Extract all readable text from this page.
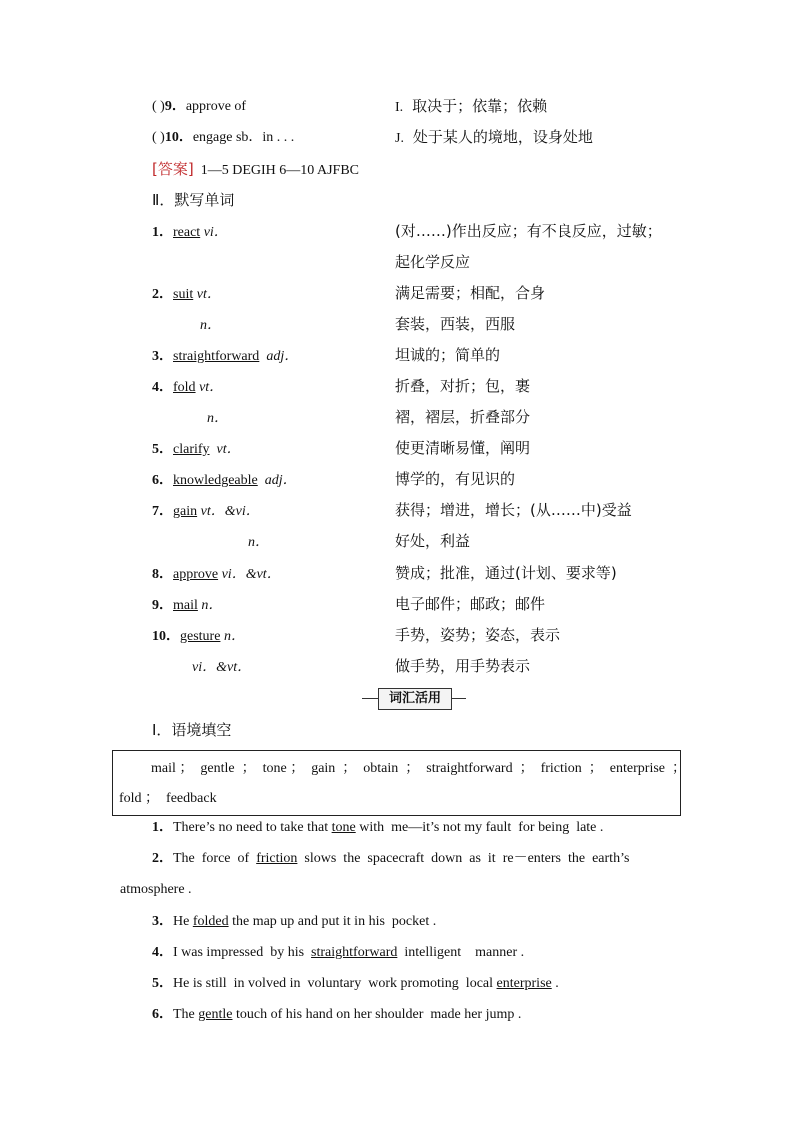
( )9．approve of	I. 取决于；依靠；依赖
( )10．engage sb．in . . .	J. 处于某人的境地，设身处地
[答案] 1—5 DEGIH 6—10 AJFBC
Ⅱ．默写单词
1．react vi．	(对……)作出反应；有不良反应，过敏；
起化学反应
2．suit vt．	满足需要；相配，合身
n．	套装，西装，西服
3．straightforward adj．	坦诚的；简单的
4．fold vt．	折叠，对折；包，裹
n．	褶，褶层，折叠部分
5．clarify vt．	使更清晰易懂，阐明
6．knowledgeable adj．	博学的，有见识的
7．gain vt．&vi．	获得；增进，增长；(从……中)受益
n．	好处，利益
8．approve vi．&vt．	赞成；批准，通过(计划、要求等)
9．mail n．	电子邮件；邮政；邮件
10．gesture n．	手势，姿势；姿态，表示
vi．&vt．	做手势，用手势表示
词汇活用
Ⅰ．语境填空
mail ；  gentle  ；  tone ；  gain  ；  obtain  ；  straightforward  ；  friction  ；  enterprise  ；
fold ；  feedback
1．There’s no need to take that tone with  me—it’s not my fault  for being  late .
2．The  force  of  friction  slows  the  spacecraft  down  as  it  re－enters  the  earth’s
atmosphere .
3．He folded the map up and put it in his  pocket .
4．I was impressed  by his  straightforward  intelligent    manner .
5．He is still  in volved in  voluntary  work promoting  local enterprise .
6．The gentle touch of his hand on her shoulder  made her jump .
